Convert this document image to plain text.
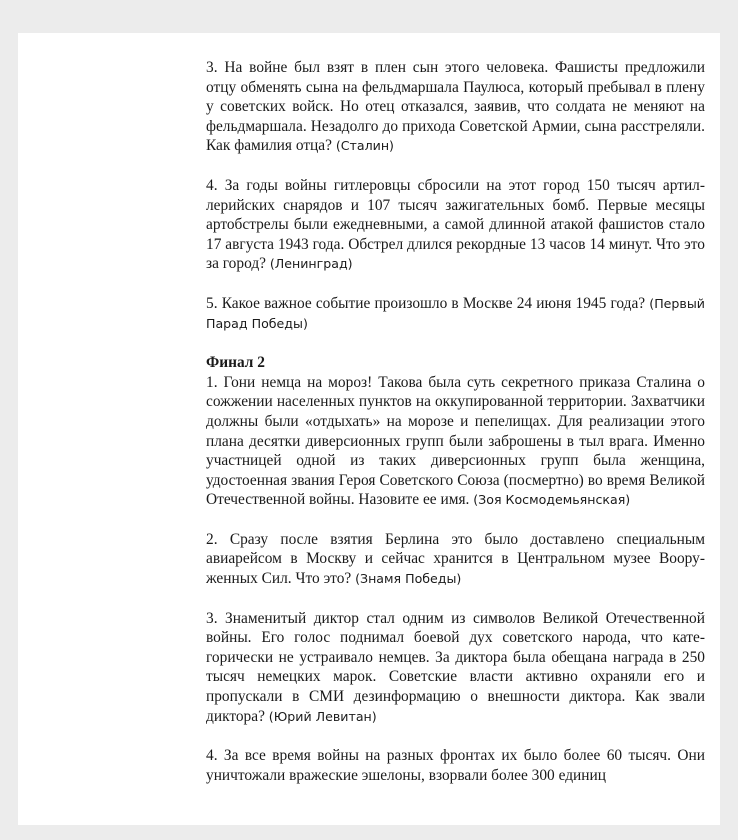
3. На войне был взят в плен сын этого человека. Фашисты предложили отцу обменять сына на фельдмаршала Паулюса, который пребывал в плену у советских войск. Но отец отказался, заявив, что солдата не меняют на фельдмаршала. Незадолго до прихода Советской Армии, сына расстреляли. Как фамилия отца? (Сталин)

4. За годы войны гитлеровцы сбросили на этот город 150 тысяч артиллерийских снарядов и 107 тысяч зажигательных бомб. Первые месяцы артобстрелы были ежедневными, а самой длинной атакой фашистов стало 17 августа 1943 года. Обстрел длился рекордные 13 часов 14 минут. Что это за город? (Ленинград)

5. Какое важное событие произошло в Москве 24 июня 1945 года? (Первый Парад Победы)

Финал 2
1. Гони немца на мороз! Такова была суть секретного приказа Сталина о сожжении населенных пунктов на оккупированной территории. Захватчики должны были «отдыхать» на морозе и пепелищах. Для реализации этого плана десятки диверсионных групп были заброшены в тыл врага. Именно участницей одной из таких диверсионных групп была женщина, удостоенная звания Героя Советского Союза (посмертно) во время Великой Отечественной войны. Назовите ее имя. (Зоя Космодемьянская)

2. Сразу после взятия Берлина это было доставлено специальным авиарейсом в Москву и сейчас хранится в Центральном музее Вооруженных Сил. Что это? (Знамя Победы)

3. Знаменитый диктор стал одним из символов Великой Отечественной войны. Его голос поднимал боевой дух советского народа, что категорически не устраивало немцев. За диктора была обещана награда в 250 тысяч немецких марок. Советские власти активно охраняли его и пропускали в СМИ дезинформацию о внешности диктора. Как звали диктора? (Юрий Левитан)

4. За все время войны на разных фронтах их было более 60 тысяч. Они уничтожали вражеские эшелоны, взорвали более 300 единиц
